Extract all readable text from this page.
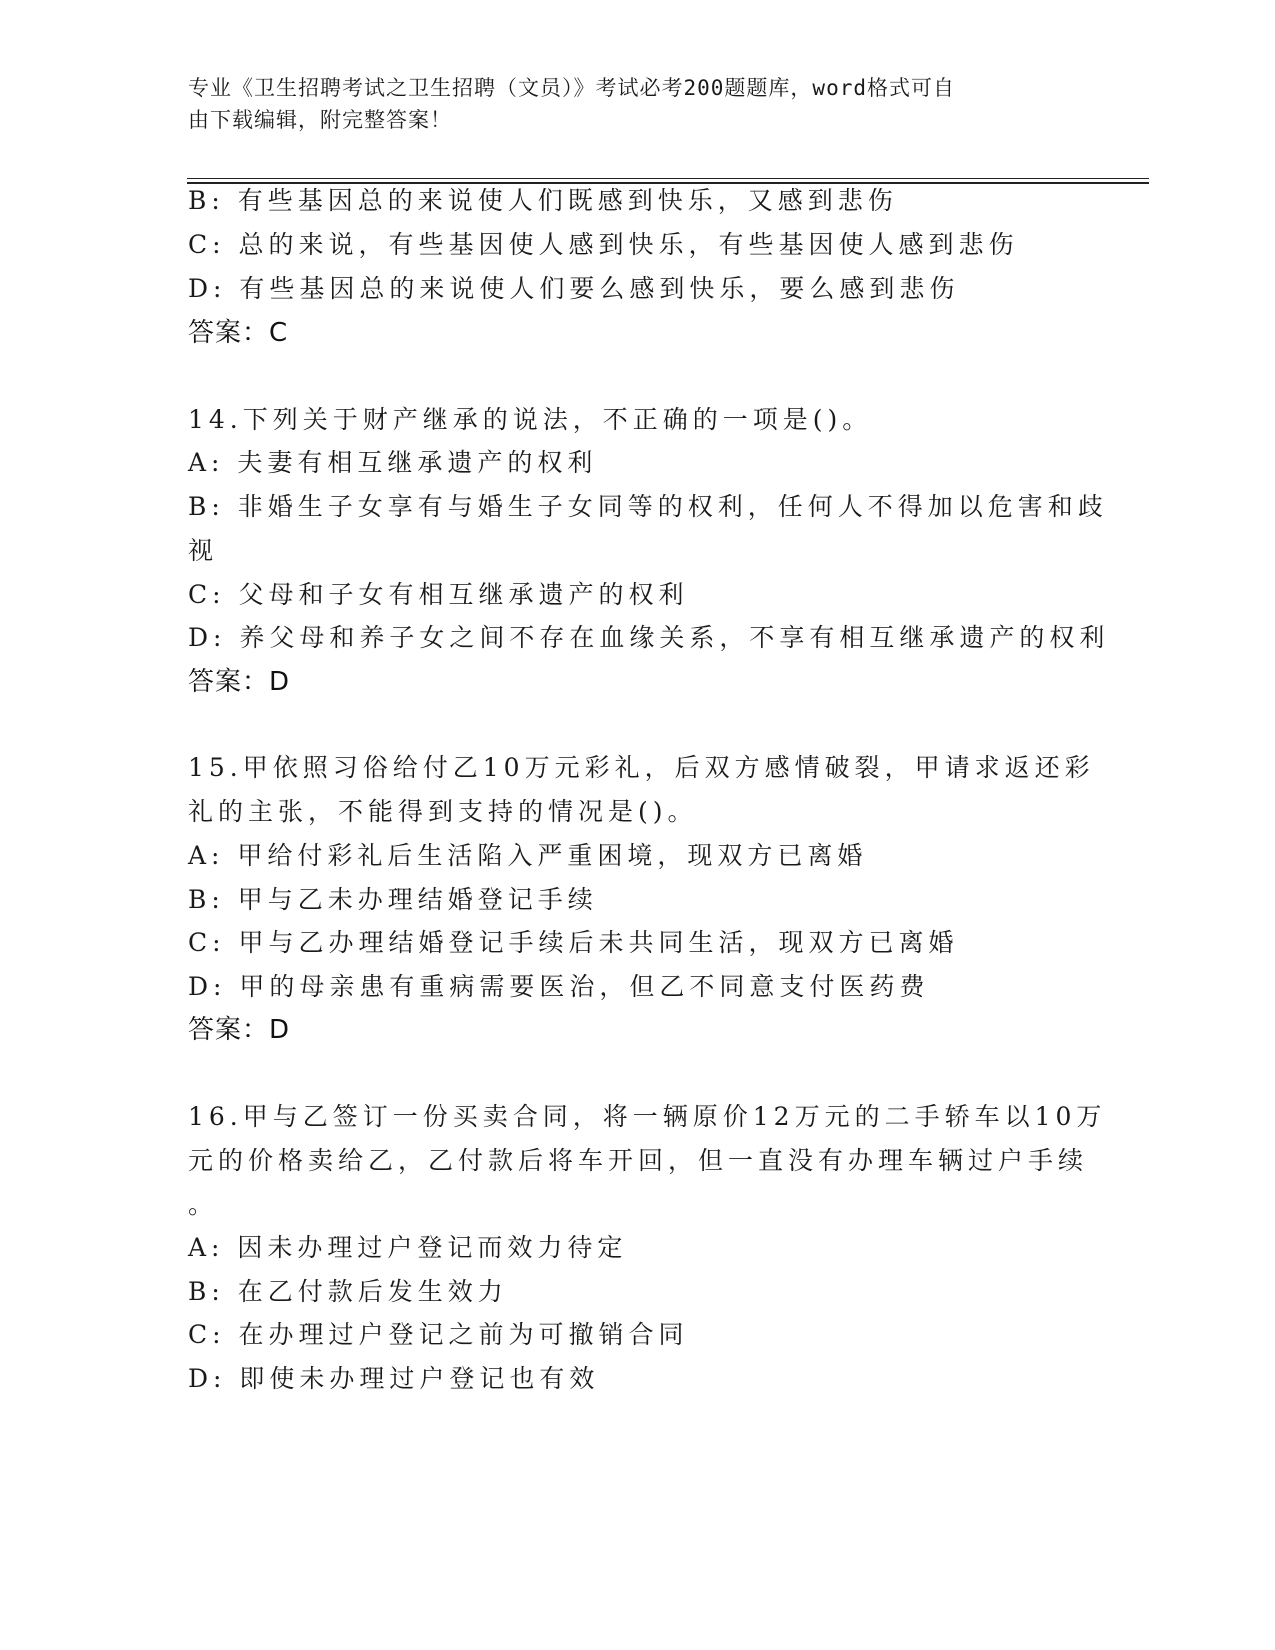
专业《卫生招聘考试之卫生招聘（文员）》考试必考200题题库，word格式可自
由下载编辑，附完整答案！
B: 有些基因总的来说使人们既感到快乐，又感到悲伤
C: 总的来说，有些基因使人感到快乐，有些基因使人感到悲伤
D: 有些基因总的来说使人们要么感到快乐，要么感到悲伤
答案：C
14.下列关于财产继承的说法，不正确的一项是()。
A: 夫妻有相互继承遗产的权利
B: 非婚生子女享有与婚生子女同等的权利，任何人不得加以危害和歧
视
C: 父母和子女有相互继承遗产的权利
D: 养父母和养子女之间不存在血缘关系，不享有相互继承遗产的权利
答案：D
15.甲依照习俗给付乙10万元彩礼，后双方感情破裂，甲请求返还彩
礼的主张，不能得到支持的情况是()。
A: 甲给付彩礼后生活陷入严重困境，现双方已离婚
B: 甲与乙未办理结婚登记手续
C: 甲与乙办理结婚登记手续后未共同生活，现双方已离婚
D: 甲的母亲患有重病需要医治，但乙不同意支付医药费
答案：D
16.甲与乙签订一份买卖合同，将一辆原价12万元的二手轿车以10万
元的价格卖给乙，乙付款后将车开回，但一直没有办理车辆过户手续
。
A: 因未办理过户登记而效力待定
B: 在乙付款后发生效力
C: 在办理过户登记之前为可撤销合同
D: 即使未办理过户登记也有效
